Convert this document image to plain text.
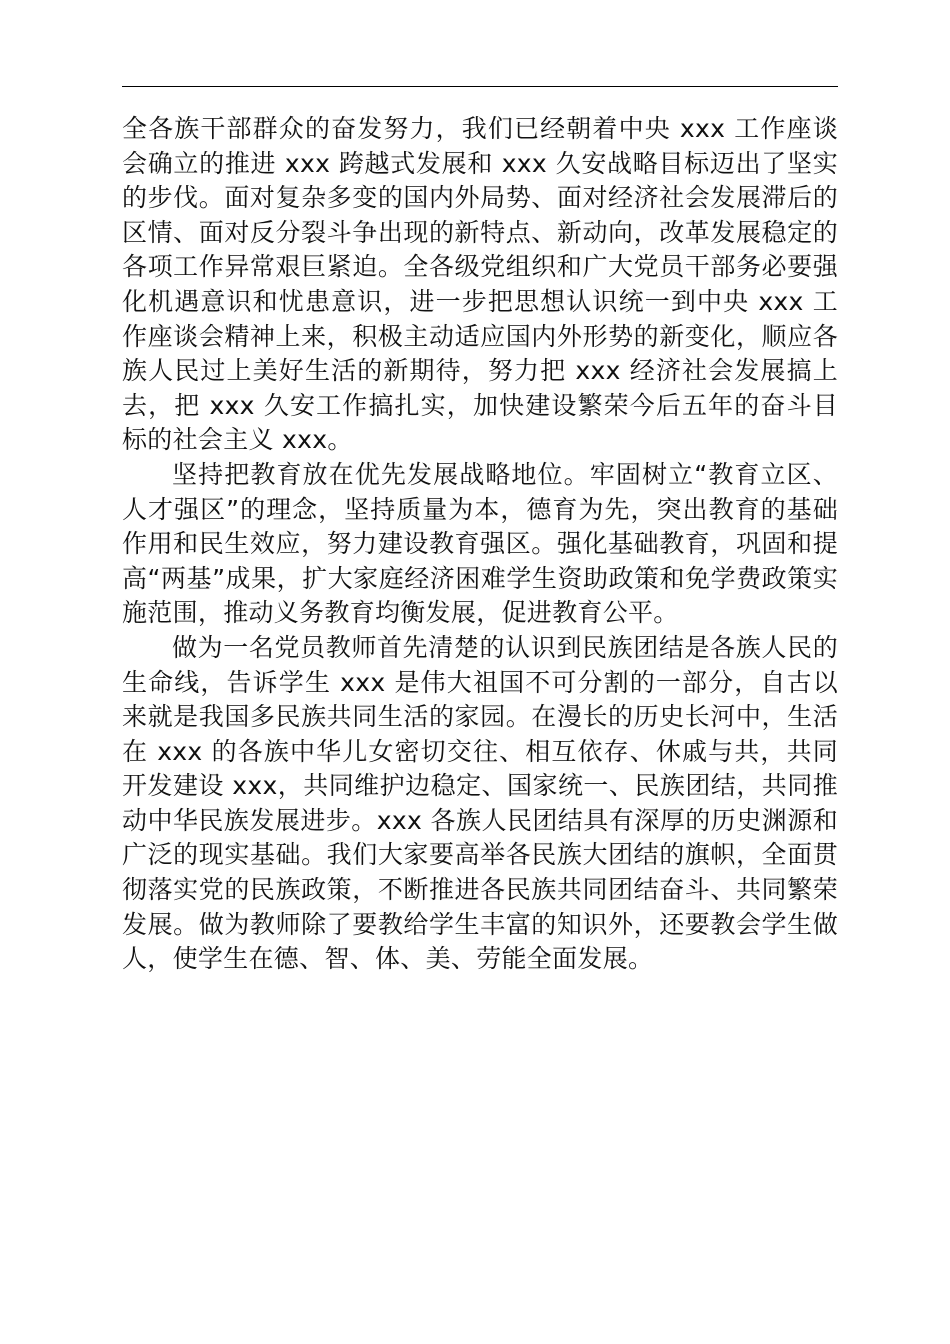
全各族干部群众的奋发努力，我们已经朝着中央 xxx 工作座谈会确立的推进 xxx 跨越式发展和 xxx 久安战略目标迈出了坚实的步伐。面对复杂多变的国内外局势、面对经济社会发展滞后的区情、面对反分裂斗争出现的新特点、新动向，改革发展稳定的各项工作异常艰巨紧迫。全各级党组织和广大党员干部务必要强化机遇意识和忧患意识，进一步把思想认识统一到中央 xxx 工作座谈会精神上来，积极主动适应国内外形势的新变化，顺应各族人民过上美好生活的新期待，努力把 xxx 经济社会发展搞上去，把 xxx 久安工作搞扎实，加快建设繁荣今后五年的奋斗目标的社会主义 xxx。

坚持把教育放在优先发展战略地位。牢固树立“教育立区、人才强区”的理念，坚持质量为本，德育为先，突出教育的基础作用和民生效应，努力建设教育强区。强化基础教育，巩固和提高“两基”成果，扩大家庭经济困难学生资助政策和免学费政策实施范围，推动义务教育均衡发展，促进教育公平。

做为一名党员教师首先清楚的认识到民族团结是各族人民的生命线，告诉学生 xxx 是伟大祖国不可分割的一部分，自古以来就是我国多民族共同生活的家园。在漫长的历史长河中，生活在 xxx 的各族中华儿女密切交往、相互依存、休戚与共，共同开发建设 xxx，共同维护边稳定、国家统一、民族团结，共同推动中华民族发展进步。xxx 各族人民团结具有深厚的历史渊源和广泛的现实基础。我们大家要高举各民族大团结的旗帜，全面贯彻落实党的民族政策，不断推进各民族共同团结奋斗、共同繁荣发展。做为教师除了要教给学生丰富的知识外，还要教会学生做人，使学生在德、智、体、美、劳能全面发展。
